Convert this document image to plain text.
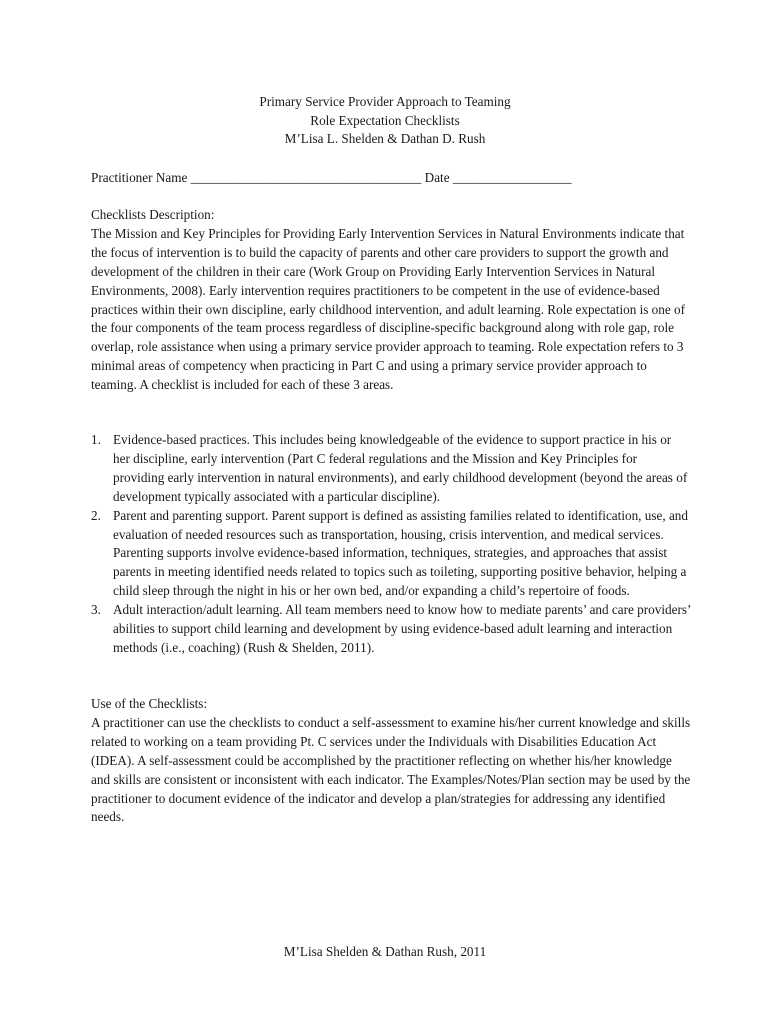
Primary Service Provider Approach to Teaming
Role Expectation Checklists
M’Lisa L. Shelden & Dathan D. Rush
Practitioner Name ___________________________________ Date __________________

Checklists Description:

The Mission and Key Principles for Providing Early Intervention Services in Natural Environments indicate that the focus of intervention is to build the capacity of parents and other care providers to support the growth and development of the children in their care (Work Group on Providing Early Intervention Services in Natural Environments, 2008). Early intervention requires practitioners to be competent in the use of evidence-based practices within their own discipline, early childhood intervention, and adult learning. Role expectation is one of the four components of the team process regardless of discipline-specific background along with role gap, role overlap, role assistance when using a primary service provider approach to teaming. Role expectation refers to 3 minimal areas of competency when practicing in Part C and using a primary service provider approach to teaming. A checklist is included for each of these 3 areas.

1. Evidence-based practices. This includes being knowledgeable of the evidence to support practice in his or her discipline, early intervention (Part C federal regulations and the Mission and Key Principles for providing early intervention in natural environments), and early childhood development (beyond the areas of development typically associated with a particular discipline).
2. Parent and parenting support. Parent support is defined as assisting families related to identification, use, and evaluation of needed resources such as transportation, housing, crisis intervention, and medical services. Parenting supports involve evidence-based information, techniques, strategies, and approaches that assist parents in meeting identified needs related to topics such as toileting, supporting positive behavior, helping a child sleep through the night in his or her own bed, and/or expanding a child’s repertoire of foods.
3. Adult interaction/adult learning. All team members need to know how to mediate parents’ and care providers’ abilities to support child learning and development by using evidence-based adult learning and interaction methods (i.e., coaching) (Rush & Shelden, 2011).

Use of the Checklists:

A practitioner can use the checklists to conduct a self-assessment to examine his/her current knowledge and skills related to working on a team providing Pt. C services under the Individuals with Disabilities Education Act (IDEA). A self-assessment could be accomplished by the practitioner reflecting on whether his/her knowledge and skills are consistent or inconsistent with each indicator. The Examples/Notes/Plan section may be used by the practitioner to document evidence of the indicator and develop a plan/strategies for addressing any identified needs.

M’Lisa Shelden & Dathan Rush, 2011
